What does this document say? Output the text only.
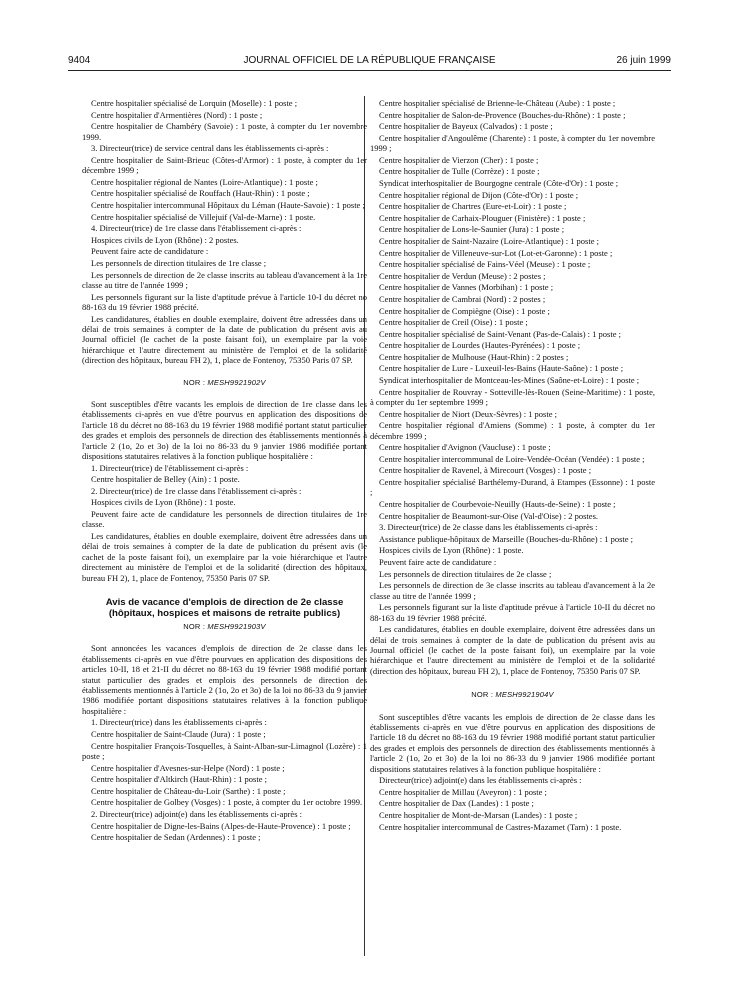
9404	JOURNAL OFFICIEL DE LA RÉPUBLIQUE FRANÇAISE	26 juin 1999

Centre hospitalier spécialisé de Lorquin (Moselle) : 1 poste ;

Centre hospitalier d'Armentières (Nord) : 1 poste ;

Centre hospitalier de Chambéry (Savoie) : 1 poste, à compter du 1er novembre 1999.

3. Directeur(trice) de service central dans les établissements ci-après :

Centre hospitalier de Saint-Brieuc (Côtes-d'Armor) : 1 poste, à compter du 1er décembre 1999 ;

Centre hospitalier régional de Nantes (Loire-Atlantique) : 1 poste ;

Centre hospitalier spécialisé de Rouffach (Haut-Rhin) : 1 poste ;

Centre hospitalier intercommunal Hôpitaux du Léman (Haute-Savoie) : 1 poste ;

Centre hospitalier spécialisé de Villejuif (Val-de-Marne) : 1 poste.

4. Directeur(trice) de 1re classe dans l'établissement ci-après :

Hospices civils de Lyon (Rhône) : 2 postes.

Peuvent faire acte de candidature :

Les personnels de direction titulaires de 1re classe ;

Les personnels de direction de 2e classe inscrits au tableau d'avancement à la 1re classe au titre de l'année 1999 ;

Les personnels figurant sur la liste d'aptitude prévue à l'article 10-I du décret no 88-163 du 19 février 1988 précité.

Les candidatures, établies en double exemplaire, doivent être adressées dans un délai de trois semaines à compter de la date de publication du présent avis au Journal officiel (le cachet de la poste faisant foi), un exemplaire par la voie hiérarchique et l'autre directement au ministère de l'emploi et de la solidarité (direction des hôpitaux, bureau FH 2), 1, place de Fontenoy, 75350 Paris 07 SP.

NOR : MESH9921902V

Sont susceptibles d'être vacants les emplois de direction de 1re classe dans les établissements ci-après en vue d'être pourvus en application des dispositions de l'article 18 du décret no 88-163 du 19 février 1988 modifié portant statut particulier des grades et emplois des personnels de direction des établissements mentionnés à l'article 2 (1o, 2o et 3o) de la loi no 86-33 du 9 janvier 1986 modifiée portant dispositions statutaires relatives à la fonction publique hospitalière :

1. Directeur(trice) de l'établissement ci-après :

Centre hospitalier de Belley (Ain) : 1 poste.

2. Directeur(trice) de 1re classe dans l'établissement ci-après :

Hospices civils de Lyon (Rhône) : 1 poste.

Peuvent faire acte de candidature les personnels de direction titulaires de 1re classe.

Les candidatures, établies en double exemplaire, doivent être adressées dans un délai de trois semaines à compter de la date de publication du présent avis (le cachet de la poste faisant foi), un exemplaire par la voie hiérarchique et l'autre directement au ministère de l'emploi et de la solidarité (direction des hôpitaux, bureau FH 2), 1, place de Fontenoy, 75350 Paris 07 SP.

Avis de vacance d'emplois de direction de 2e classe (hôpitaux, hospices et maisons de retraite publics)
NOR : MESH9921903V

Sont annoncées les vacances d'emplois de direction de 2e classe dans les établissements ci-après en vue d'être pourvues en application des dispositions des articles 10-II, 18 et 21-II du décret no 88-163 du 19 février 1988 modifié portant statut particulier des grades et emplois des personnels de direction des établissements mentionnés à l'article 2 (1o, 2o et 3o) de la loi no 86-33 du 9 janvier 1986 modifiée portant dispositions statutaires relatives à la fonction publique hospitalière :

1. Directeur(trice) dans les établissements ci-après :

Centre hospitalier de Saint-Claude (Jura) : 1 poste ;

Centre hospitalier François-Tosquelles, à Saint-Alban-sur-Limagnol (Lozère) : 1 poste ;

Centre hospitalier d'Avesnes-sur-Helpe (Nord) : 1 poste ;

Centre hospitalier d'Altkirch (Haut-Rhin) : 1 poste ;

Centre hospitalier de Château-du-Loir (Sarthe) : 1 poste ;

Centre hospitalier de Golbey (Vosges) : 1 poste, à compter du 1er octobre 1999.

2. Directeur(trice) adjoint(e) dans les établissements ci-après :

Centre hospitalier de Digne-les-Bains (Alpes-de-Haute-Provence) : 1 poste ;

Centre hospitalier de Sedan (Ardennes) : 1 poste ;

Centre hospitalier spécialisé de Brienne-le-Château (Aube) : 1 poste ;

Centre hospitalier de Salon-de-Provence (Bouches-du-Rhône) : 1 poste ;

Centre hospitalier de Bayeux (Calvados) : 1 poste ;

Centre hospitalier d'Angoulême (Charente) : 1 poste, à compter du 1er novembre 1999 ;

Centre hospitalier de Vierzon (Cher) : 1 poste ;

Centre hospitalier de Tulle (Corrèze) : 1 poste ;

Syndicat interhospitalier de Bourgogne centrale (Côte-d'Or) : 1 poste ;

Centre hospitalier régional de Dijon (Côte-d'Or) : 1 poste ;

Centre hospitalier de Chartres (Eure-et-Loir) : 1 poste ;

Centre hospitalier de Carhaix-Plouguer (Finistère) : 1 poste ;

Centre hospitalier de Lons-le-Saunier (Jura) : 1 poste ;

Centre hospitalier de Saint-Nazaire (Loire-Atlantique) : 1 poste ;

Centre hospitalier de Villeneuve-sur-Lot (Lot-et-Garonne) : 1 poste ;

Centre hospitalier spécialisé de Fains-Véel (Meuse) : 1 poste ;

Centre hospitalier de Verdun (Meuse) : 2 postes ;

Centre hospitalier de Vannes (Morbihan) : 1 poste ;

Centre hospitalier de Cambrai (Nord) : 2 postes ;

Centre hospitalier de Compiègne (Oise) : 1 poste ;

Centre hospitalier de Creil (Oise) : 1 poste ;

Centre hospitalier spécialisé de Saint-Venant (Pas-de-Calais) : 1 poste ;

Centre hospitalier de Lourdes (Hautes-Pyrénées) : 1 poste ;

Centre hospitalier de Mulhouse (Haut-Rhin) : 2 postes ;

Centre hospitalier de Lure - Luxeuil-les-Bains (Haute-Saône) : 1 poste ;

Syndicat interhospitalier de Montceau-les-Mines (Saône-et-Loire) : 1 poste ;

Centre hospitalier de Rouvray - Sotteville-lès-Rouen (Seine-Maritime) : 1 poste, à compter du 1er septembre 1999 ;

Centre hospitalier de Niort (Deux-Sèvres) : 1 poste ;

Centre hospitalier régional d'Amiens (Somme) : 1 poste, à compter du 1er décembre 1999 ;

Centre hospitalier d'Avignon (Vaucluse) : 1 poste ;

Centre hospitalier intercommunal de Loire-Vendée-Océan (Vendée) : 1 poste ;

Centre hospitalier de Ravenel, à Mirecourt (Vosges) : 1 poste ;

Centre hospitalier spécialisé Barthélemy-Durand, à Etampes (Essonne) : 1 poste ;

Centre hospitalier de Courbevoie-Neuilly (Hauts-de-Seine) : 1 poste ;

Centre hospitalier de Beaumont-sur-Oise (Val-d'Oise) : 2 postes.

3. Directeur(trice) de 2e classe dans les établissements ci-après :

Assistance publique-hôpitaux de Marseille (Bouches-du-Rhône) : 1 poste ;

Hospices civils de Lyon (Rhône) : 1 poste.

Peuvent faire acte de candidature :

Les personnels de direction titulaires de 2e classe ;

Les personnels de direction de 3e classe inscrits au tableau d'avancement à la 2e classe au titre de l'année 1999 ;

Les personnels figurant sur la liste d'aptitude prévue à l'article 10-II du décret no 88-163 du 19 février 1988 précité.

Les candidatures, établies en double exemplaire, doivent être adressées dans un délai de trois semaines à compter de la date de publication du présent avis au Journal officiel (le cachet de la poste faisant foi), un exemplaire par la voie hiérarchique et l'autre directement au ministère de l'emploi et de la solidarité (direction des hôpitaux, bureau FH 2), 1, place de Fontenoy, 75350 Paris 07 SP.

NOR : MESH9921904V

Sont susceptibles d'être vacants les emplois de direction de 2e classe dans les établissements ci-après en vue d'être pourvus en application des dispositions de l'article 18 du décret no 88-163 du 19 février 1988 modifié portant statut particulier des grades et emplois des personnels de direction des établissements mentionnés à l'article 2 (1o, 2o et 3o) de la loi no 86-33 du 9 janvier 1986 modifiée portant dispositions statutaires relatives à la fonction publique hospitalière :

Directeur(trice) adjoint(e) dans les établissements ci-après :

Centre hospitalier de Millau (Aveyron) : 1 poste ;

Centre hospitalier de Dax (Landes) : 1 poste ;

Centre hospitalier de Mont-de-Marsan (Landes) : 1 poste ;

Centre hospitalier intercommunal de Castres-Mazamet (Tarn) : 1 poste.
